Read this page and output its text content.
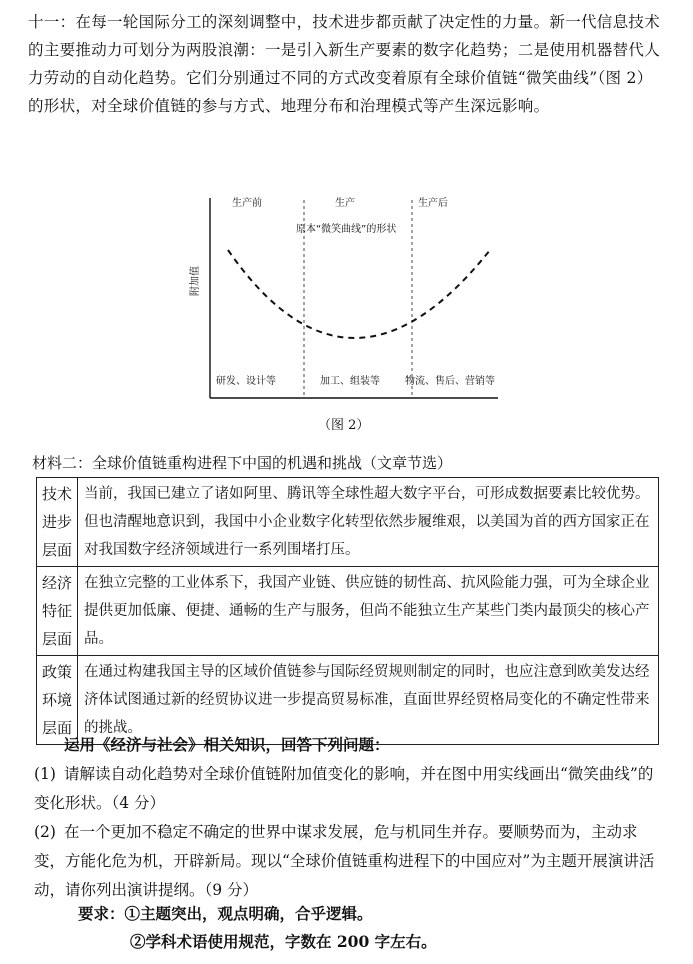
十一：在每一轮国际分工的深刻调整中，技术进步都贡献了决定性的力量。新一代信息技术的主要推动力可划分为两股浪潮：一是引入新生产要素的数字化趋势；二是使用机器替代人力劳动的自动化趋势。它们分别通过不同的方式改变着原有全球价值链“微笑曲线”（图 2）的形状，对全球价值链的参与方式、地理分布和治理模式等产生深远影响。
生产前	生产	生产后
原本“微笑曲线”的形状
附加值
研发、设计等	加工、组装等	物流、售后、营销等
（图 2）
材料二：全球价值链重构进程下中国的机遇和挑战（文章节选）
技术进步层面	当前，我国已建立了诸如阿里、腾讯等全球性超大数字平台，可形成数据要素比较优势。但也清醒地意识到，我国中小企业数字化转型依然步履维艰，以美国为首的西方国家正在对我国数字经济领域进行一系列围堵打压。
经济特征层面	在独立完整的工业体系下，我国产业链、供应链的韧性高、抗风险能力强，可为全球企业提供更加低廉、便捷、通畅的生产与服务，但尚不能独立生产某些门类内最顶尖的核心产品。
政策环境层面	在通过构建我国主导的区域价值链参与国际经贸规则制定的同时，也应注意到欧美发达经济体试图通过新的经贸协议进一步提高贸易标准，直面世界经贸格局变化的不确定性带来的挑战。
运用《经济与社会》相关知识，回答下列问题：
(1) 请解读自动化趋势对全球价值链附加值变化的影响，并在图中用实线画出“微笑曲线”的变化形状。（4 分）
(2) 在一个更加不稳定不确定的世界中谋求发展，危与机同生并存。要顺势而为，主动求变，方能化危为机，开辟新局。现以“全球价值链重构进程下的中国应对”为主题开展演讲活动，请你列出演讲提纲。（9 分）
要求：①主题突出，观点明确，合乎逻辑。
②学科术语使用规范，字数在 200 字左右。
